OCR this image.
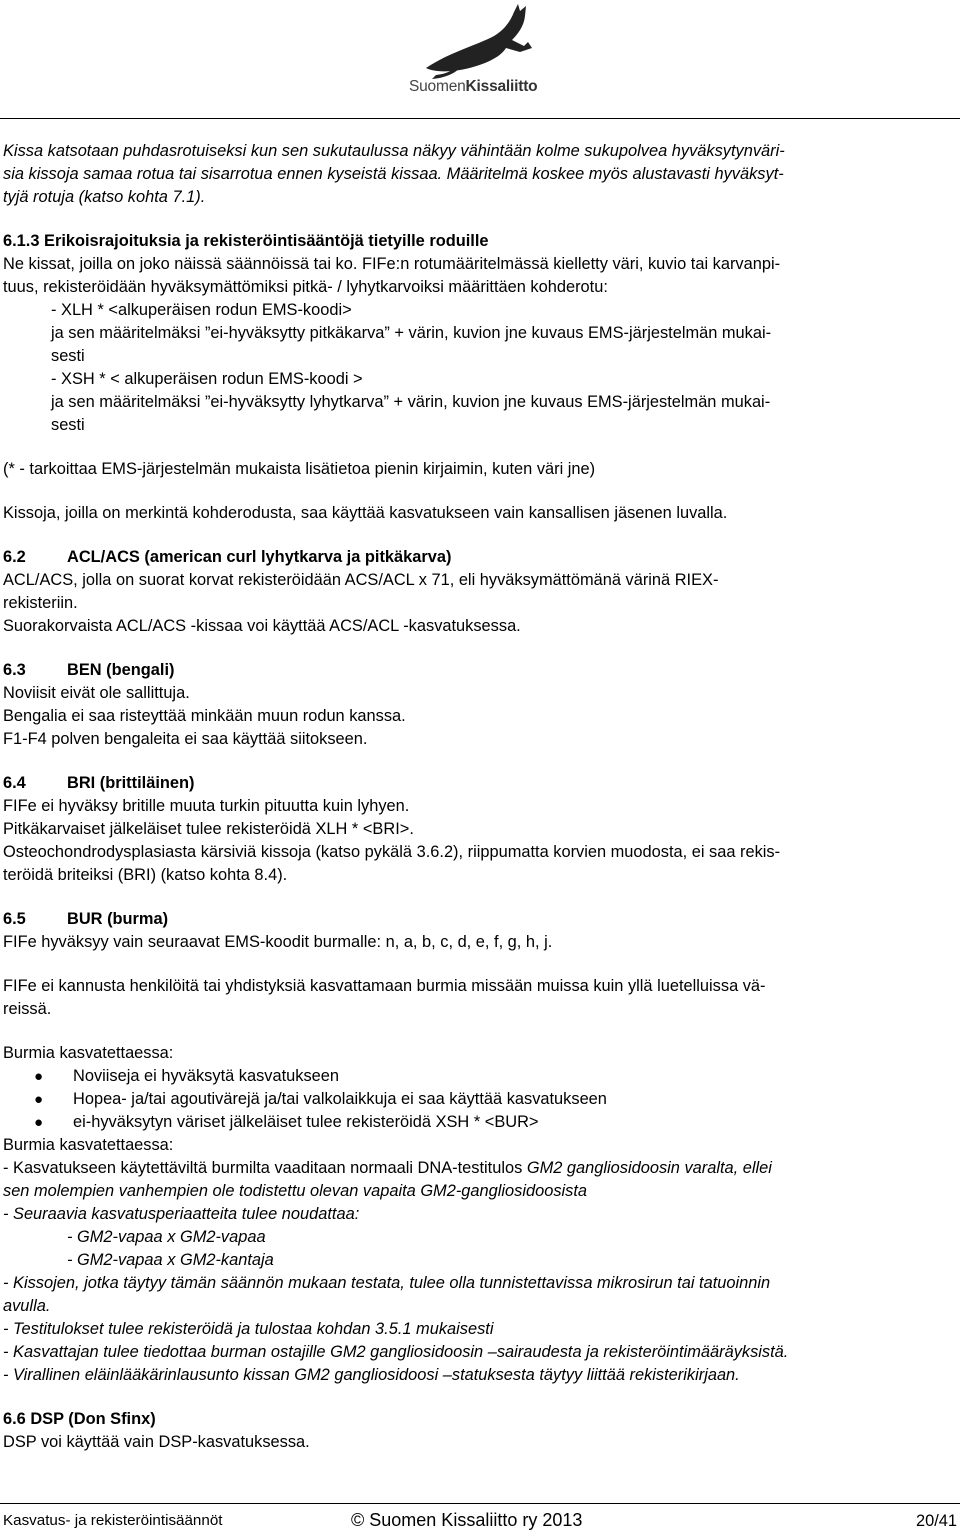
SuomenKissaliitto

Kissa katsotaan puhdasrotuiseksi kun sen sukutaulussa näkyy vähintään kolme sukupolvea hyväksytynväri-

sia kissoja samaa rotua tai sisarrotua ennen kyseistä kissaa. Määritelmä koskee myös alustavasti hyväksyt-

tyjä rotuja (katso kohta 7.1).

6.1.3 Erikoisrajoituksia ja rekisteröintisääntöjä tietyille roduille

Ne kissat, joilla on joko näissä säännöissä tai ko. FIFe:n rotumääritelmässä kielletty väri, kuvio tai karvanpi-

tuus, rekisteröidään hyväksymättömiksi pitkä- / lyhytkarvoiksi määrittäen kohderotu:

- XLH * <alkuperäisen rodun EMS-koodi>

ja sen määritelmäksi ”ei-hyväksytty pitkäkarva” + värin, kuvion jne kuvaus EMS-järjestelmän mukai-

sesti

- XSH * < alkuperäisen rodun EMS-koodi >

ja sen määritelmäksi ”ei-hyväksytty lyhytkarva” + värin, kuvion jne kuvaus EMS-järjestelmän mukai-

sesti

(* - tarkoittaa EMS-järjestelmän mukaista lisätietoa pienin kirjaimin, kuten väri jne)

Kissoja, joilla on merkintä kohderodusta, saa käyttää kasvatukseen vain kansallisen jäsenen luvalla.

6.2	ACL/ACS (american curl lyhytkarva ja pitkäkarva)

ACL/ACS, jolla on suorat korvat rekisteröidään ACS/ACL x 71, eli hyväksymättömänä värinä RIEX-

rekisteriin.

Suorakorvaista ACL/ACS -kissaa voi käyttää ACS/ACL -kasvatuksessa.

6.3	BEN (bengali)

Noviisit eivät ole sallittuja.

Bengalia ei saa risteyttää minkään muun rodun kanssa.

F1-F4 polven bengaleita ei saa käyttää siitokseen.

6.4	BRI (brittiläinen)

FIFe ei hyväksy britille muuta turkin pituutta kuin lyhyen.

Pitkäkarvaiset jälkeläiset tulee rekisteröidä XLH * <BRI>.

Osteochondrodysplasiasta kärsiviä kissoja (katso pykälä 3.6.2), riippumatta korvien muodosta, ei saa rekis-

teröidä briteiksi (BRI) (katso kohta 8.4).

6.5	BUR (burma)

FIFe hyväksyy vain seuraavat EMS-koodit burmalle: n, a, b, c, d, e, f, g, h, j.

FIFe ei kannusta henkilöitä tai yhdistyksiä kasvattamaan burmia missään muissa kuin yllä luetelluissa vä-

reissä.

Burmia kasvatettaessa:

● Noviiseja ei hyväksytä kasvatukseen

● Hopea- ja/tai agoutivärejä ja/tai valkolaikkuja ei saa käyttää kasvatukseen

● ei-hyväksytyn väriset jälkeläiset tulee rekisteröidä XSH * <BUR>

Burmia kasvatettaessa:

- Kasvatukseen käytettäviltä burmilta vaaditaan normaali DNA-testitulos GM2 gangliosidoosin varalta, ellei

sen molempien vanhempien ole todistettu olevan vapaita GM2-gangliosidoosista

- Seuraavia kasvatusperiaatteita tulee noudattaa:

- GM2-vapaa x GM2-vapaa

- GM2-vapaa x GM2-kantaja

- Kissojen, jotka täytyy tämän säännön mukaan testata, tulee olla tunnistettavissa mikrosirun tai tatuoinnin

avulla.

- Testitulokset tulee rekisteröidä ja tulostaa kohdan 3.5.1 mukaisesti

- Kasvattajan tulee tiedottaa burman ostajille GM2 gangliosidoosin –sairaudesta ja rekisteröintimääräyksistä.

- Virallinen eläinlääkärinlausunto kissan GM2 gangliosidoosi –statuksesta täytyy liittää rekisterikirjaan.

6.6 DSP (Don Sfinx)

DSP voi käyttää vain DSP-kasvatuksessa.

Kasvatus- ja rekisteröintisäännöt	© Suomen Kissaliitto ry 2013	20/41
